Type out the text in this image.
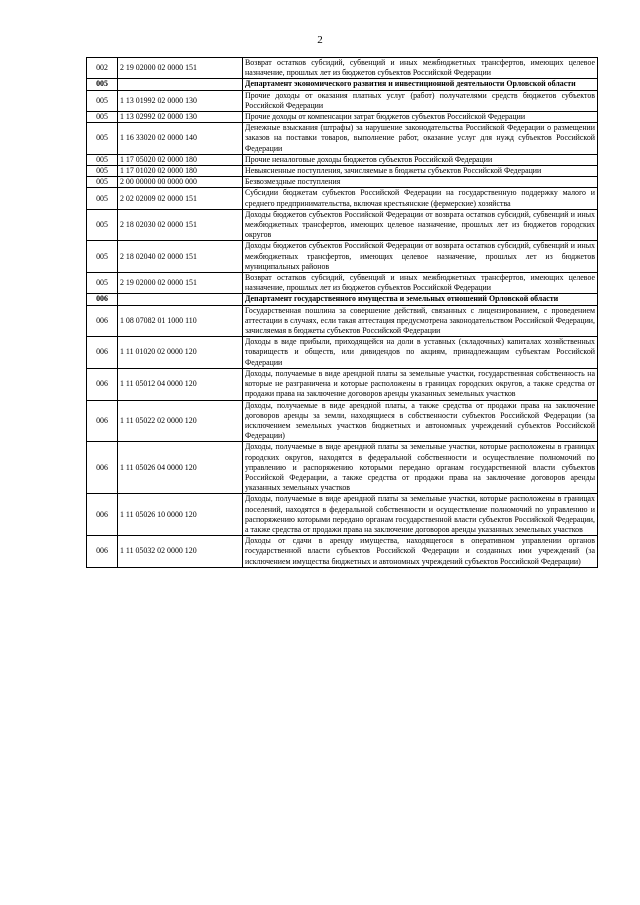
2
002	2 19 02000 02 0000 151	Возврат остатков субсидий, субвенций и иных межбюджетных трансфертов, имеющих целевое назначение, прошлых лет из бюджетов субъектов Российской Федерации
005		Департамент экономического развития и инвестиционной деятельности Орловской области
005	1 13 01992 02 0000 130	Прочие доходы от оказания платных услуг (работ) получателями средств бюджетов субъектов Российской Федерации
005	1 13 02992 02 0000 130	Прочие доходы от компенсации затрат бюджетов субъектов Российской Федерации
005	1 16 33020 02 0000 140	Денежные взыскания (штрафы) за нарушение законодательства Российской Федерации о размещении заказов на поставки товаров, выполнение работ, оказание услуг для нужд субъектов Российской Федерации
005	1 17 05020 02 0000 180	Прочие неналоговые доходы бюджетов субъектов Российской Федерации
005	1 17 01020 02 0000 180	Невыясненные поступления, зачисляемые в бюджеты субъектов Российской Федерации
005	2 00 00000 00 0000 000	Безвозмездные поступления
005	2 02 02009 02 0000 151	Субсидии бюджетам субъектов Российской Федерации на государственную поддержку малого и среднего предпринимательства, включая крестьянские (фермерские) хозяйства
005	2 18 02030 02 0000 151	Доходы бюджетов субъектов Российской Федерации от возврата остатков субсидий, субвенций и иных межбюджетных трансфертов, имеющих целевое назначение, прошлых лет из бюджетов городских округов
005	2 18 02040 02 0000 151	Доходы бюджетов субъектов Российской Федерации от возврата остатков субсидий, субвенций и иных межбюджетных трансфертов, имеющих целевое назначение, прошлых лет из бюджетов муниципальных районов
005	2 19 02000 02 0000 151	Возврат остатков субсидий, субвенций и иных межбюджетных трансфертов, имеющих целевое назначение, прошлых лет из бюджетов субъектов Российской Федерации
006		Департамент государственного имущества и земельных отношений Орловской области
006	1 08 07082 01 1000 110	Государственная пошлина за совершение действий, связанных с лицензированием, с проведением аттестации в случаях, если такая аттестация предусмотрена законодательством Российской Федерации, зачисляемая в бюджеты субъектов Российской Федерации
006	1 11 01020 02 0000 120	Доходы в виде прибыли, приходящейся на доли в уставных (складочных) капиталах хозяйственных товариществ и обществ, или дивидендов по акциям, принадлежащим субъектам Российской Федерации
006	1 11 05012 04 0000 120	Доходы, получаемые в виде арендной платы за земельные участки, государственная собственность на которые не разграничена и которые расположены в границах городских округов, а также средства от продажи права на заключение договоров аренды указанных земельных участков
006	1 11 05022 02 0000 120	Доходы, получаемые в виде арендной платы, а также средства от продажи права на заключение договоров аренды за земли, находящиеся в собственности субъектов Российской Федерации (за исключением земельных участков бюджетных и автономных учреждений субъектов Российской Федерации)
006	1 11 05026 04 0000 120	Доходы, получаемые в виде арендной платы за земельные участки, которые расположены в границах городских округов, находятся в федеральной собственности и осуществление полномочий по управлению и распоряжению которыми передано органам государственной власти субъектов Российской Федерации, а также средства от продажи права на заключение договоров аренды указанных земельных участков
006	1 11 05026 10 0000 120	Доходы, получаемые в виде арендной платы за земельные участки, которые расположены в границах поселений, находятся в федеральной собственности и осуществление полномочий по управлению и распоряжению которыми передано органам государственной власти субъектов Российской Федерации, а также средства от продажи права на заключение договоров аренды указанных земельных участков
006	1 11 05032 02 0000 120	Доходы от сдачи в аренду имущества, находящегося в оперативном управлении органов государственной власти субъектов Российской Федерации и созданных ими учреждений (за исключением имущества бюджетных и автономных учреждений субъектов Российской Федерации)
